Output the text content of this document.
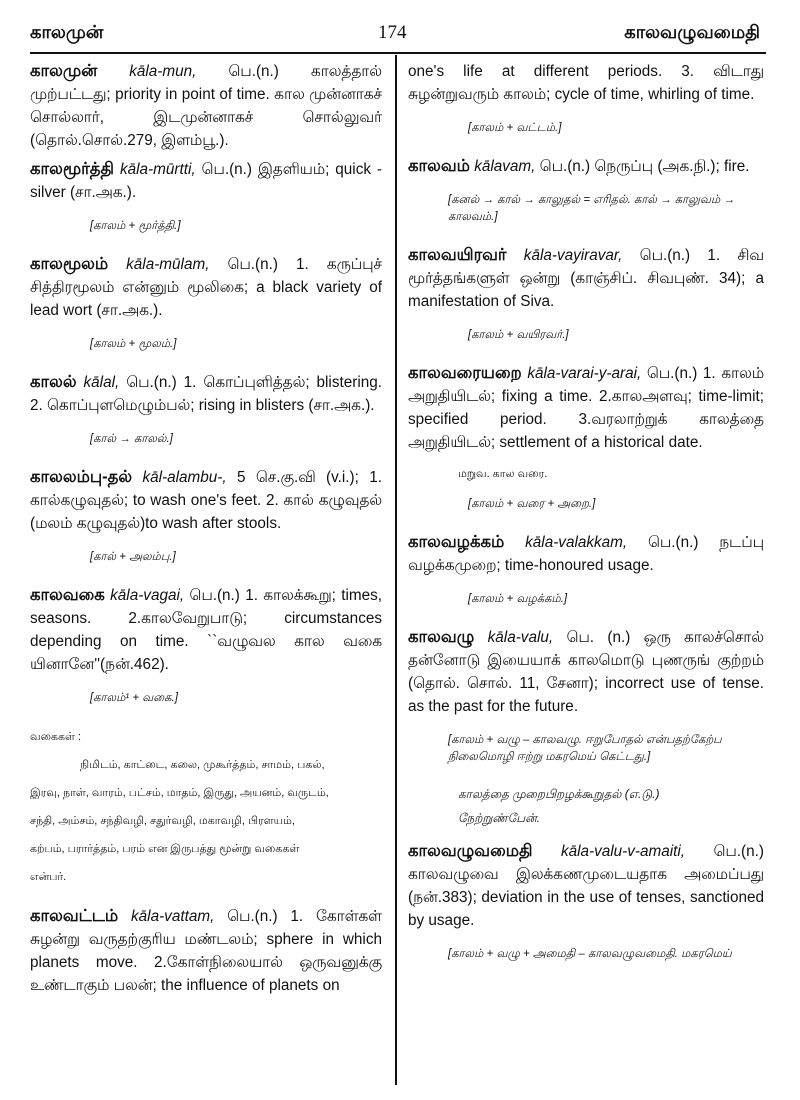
காலமுன்	174	காலவழுவமைதி

காலமுன் kāla-mun, பெ.(n.) காலத்தால் முற்பட்டது; priority in point of time. கால முன்னாகச் சொல்லார், இடமுன்னாகச் சொல்லுவர் (தொல்.சொல்.279, இளம்பூ.).

காலமூர்த்தி kāla-mūrtti, பெ.(n.) இதளியம்; quick - silver (சா.அக.).

[காலம் + மூர்த்தி.]

காலமூலம் kāla-mūlam, பெ.(n.) 1. கருப்புச் சித்திரமூலம் என்னும் மூலிகை; a black variety of lead wort (சா.அக.).

[காலம் + மூலம்.]

காலல் kālal, பெ.(n.) 1. கொப்புளித்தல்; blistering. 2. கொப்புளமெழும்பல்; rising in blisters (சா.அக.).

[கால் → காலல்.]

காலலம்பு-தல் kāl-alambu-, 5 செ.கு.வி (v.i.); 1. கால்கழுவுதல்; to wash one's feet. 2. கால் கழுவுதல் (மலம் கழுவுதல்)to wash after stools.

[கால் + அலம்பு.]

காலவகை kāla-vagai, பெ.(n.) 1. காலக்கூறு; times, seasons. 2.காலவேறுபாடு; circumstances depending on time. ``வழுவல கால வகை யினானே''(நன்.462).

[காலம்¹ + வகை.]
வகைகள் :
நிமிடம், காட்டை, கலை, முகூர்த்தம், சாமம், பகல்,
இரவு, நாள், வாரம், பட்சம், மாதம், இருது, அயனம், வருடம்,
சந்தி, அம்சம், சந்திவழி, சதுர்வழி, மகாவழி, பிரளயம்,
கற்பம், பரார்த்தம், பரம் என இருபத்து மூன்று வகைகள்
என்பர்.

காலவட்டம் kāla-vattam, பெ.(n.) 1. கோள்கள் சுழன்று வருதற்குரிய மண்டலம்; sphere in which planets move. 2.கோள்நிலையால் ஒருவனுக்கு உண்டாகும் பலன்; the influence of planets on

one's life at different periods. 3. விடாது சுழன்றுவரும் காலம்; cycle of time, whirling of time.

[காலம் + வட்டம்.]

காலவம் kālavam, பெ.(n.) நெருப்பு (அக.நி.); fire.

[கனல் → கால் → காலுதல் = எரிதல். கால் → காலுவம் → காலவம்.]

காலவயிரவர் kāla-vayiravar, பெ.(n.) 1. சிவ மூர்த்தங்களுள் ஒன்று (காஞ்சிப். சிவபுண். 34); a manifestation of Siva.

[காலம் + வயிரவர்.]

காலவரையறை kāla-varai-y-arai, பெ.(n.) 1. காலம் அறுதியிடல்; fixing a time. 2.காலஅளவு; time-limit; specified period. 3.வரலாற்றுக் காலத்தை அறுதியிடல்; settlement of a historical date.

மறுவ. கால வரை.
[காலம் + வரை + அறை.]

காலவழக்கம் kāla-valakkam, பெ.(n.) நடப்பு வழக்கமுறை; time-honoured usage.

[காலம் + வழக்கம்.]

காலவழு kāla-valu, பெ. (n.) ஒரு காலச்சொல் தன்னோடு இயையாக் காலமொடு புணருங் குற்றம் (தொல். சொல். 11, சேனா); incorrect use of tense. as the past for the future.

[காலம் + வழு – காலவழு. ஈறுபோதல் என்பதற்கேற்ப நிலைமொழி ஈற்று மகரமெய் கெட்டது.]
காலத்தை முறைபிறழக்கூறுதல் (எ.டு.)
நேற்றுண்பேன்.

காலவழுவமைதி kāla-valu-v-amaiti, பெ.(n.) காலவழுவை இலக்கணமுடையதாக அமைப்பது (நன்.383); deviation in the use of tenses, sanctioned by usage.

[காலம் + வழு + அமைதி – காலவழுவமைதி. மகரமெய்
